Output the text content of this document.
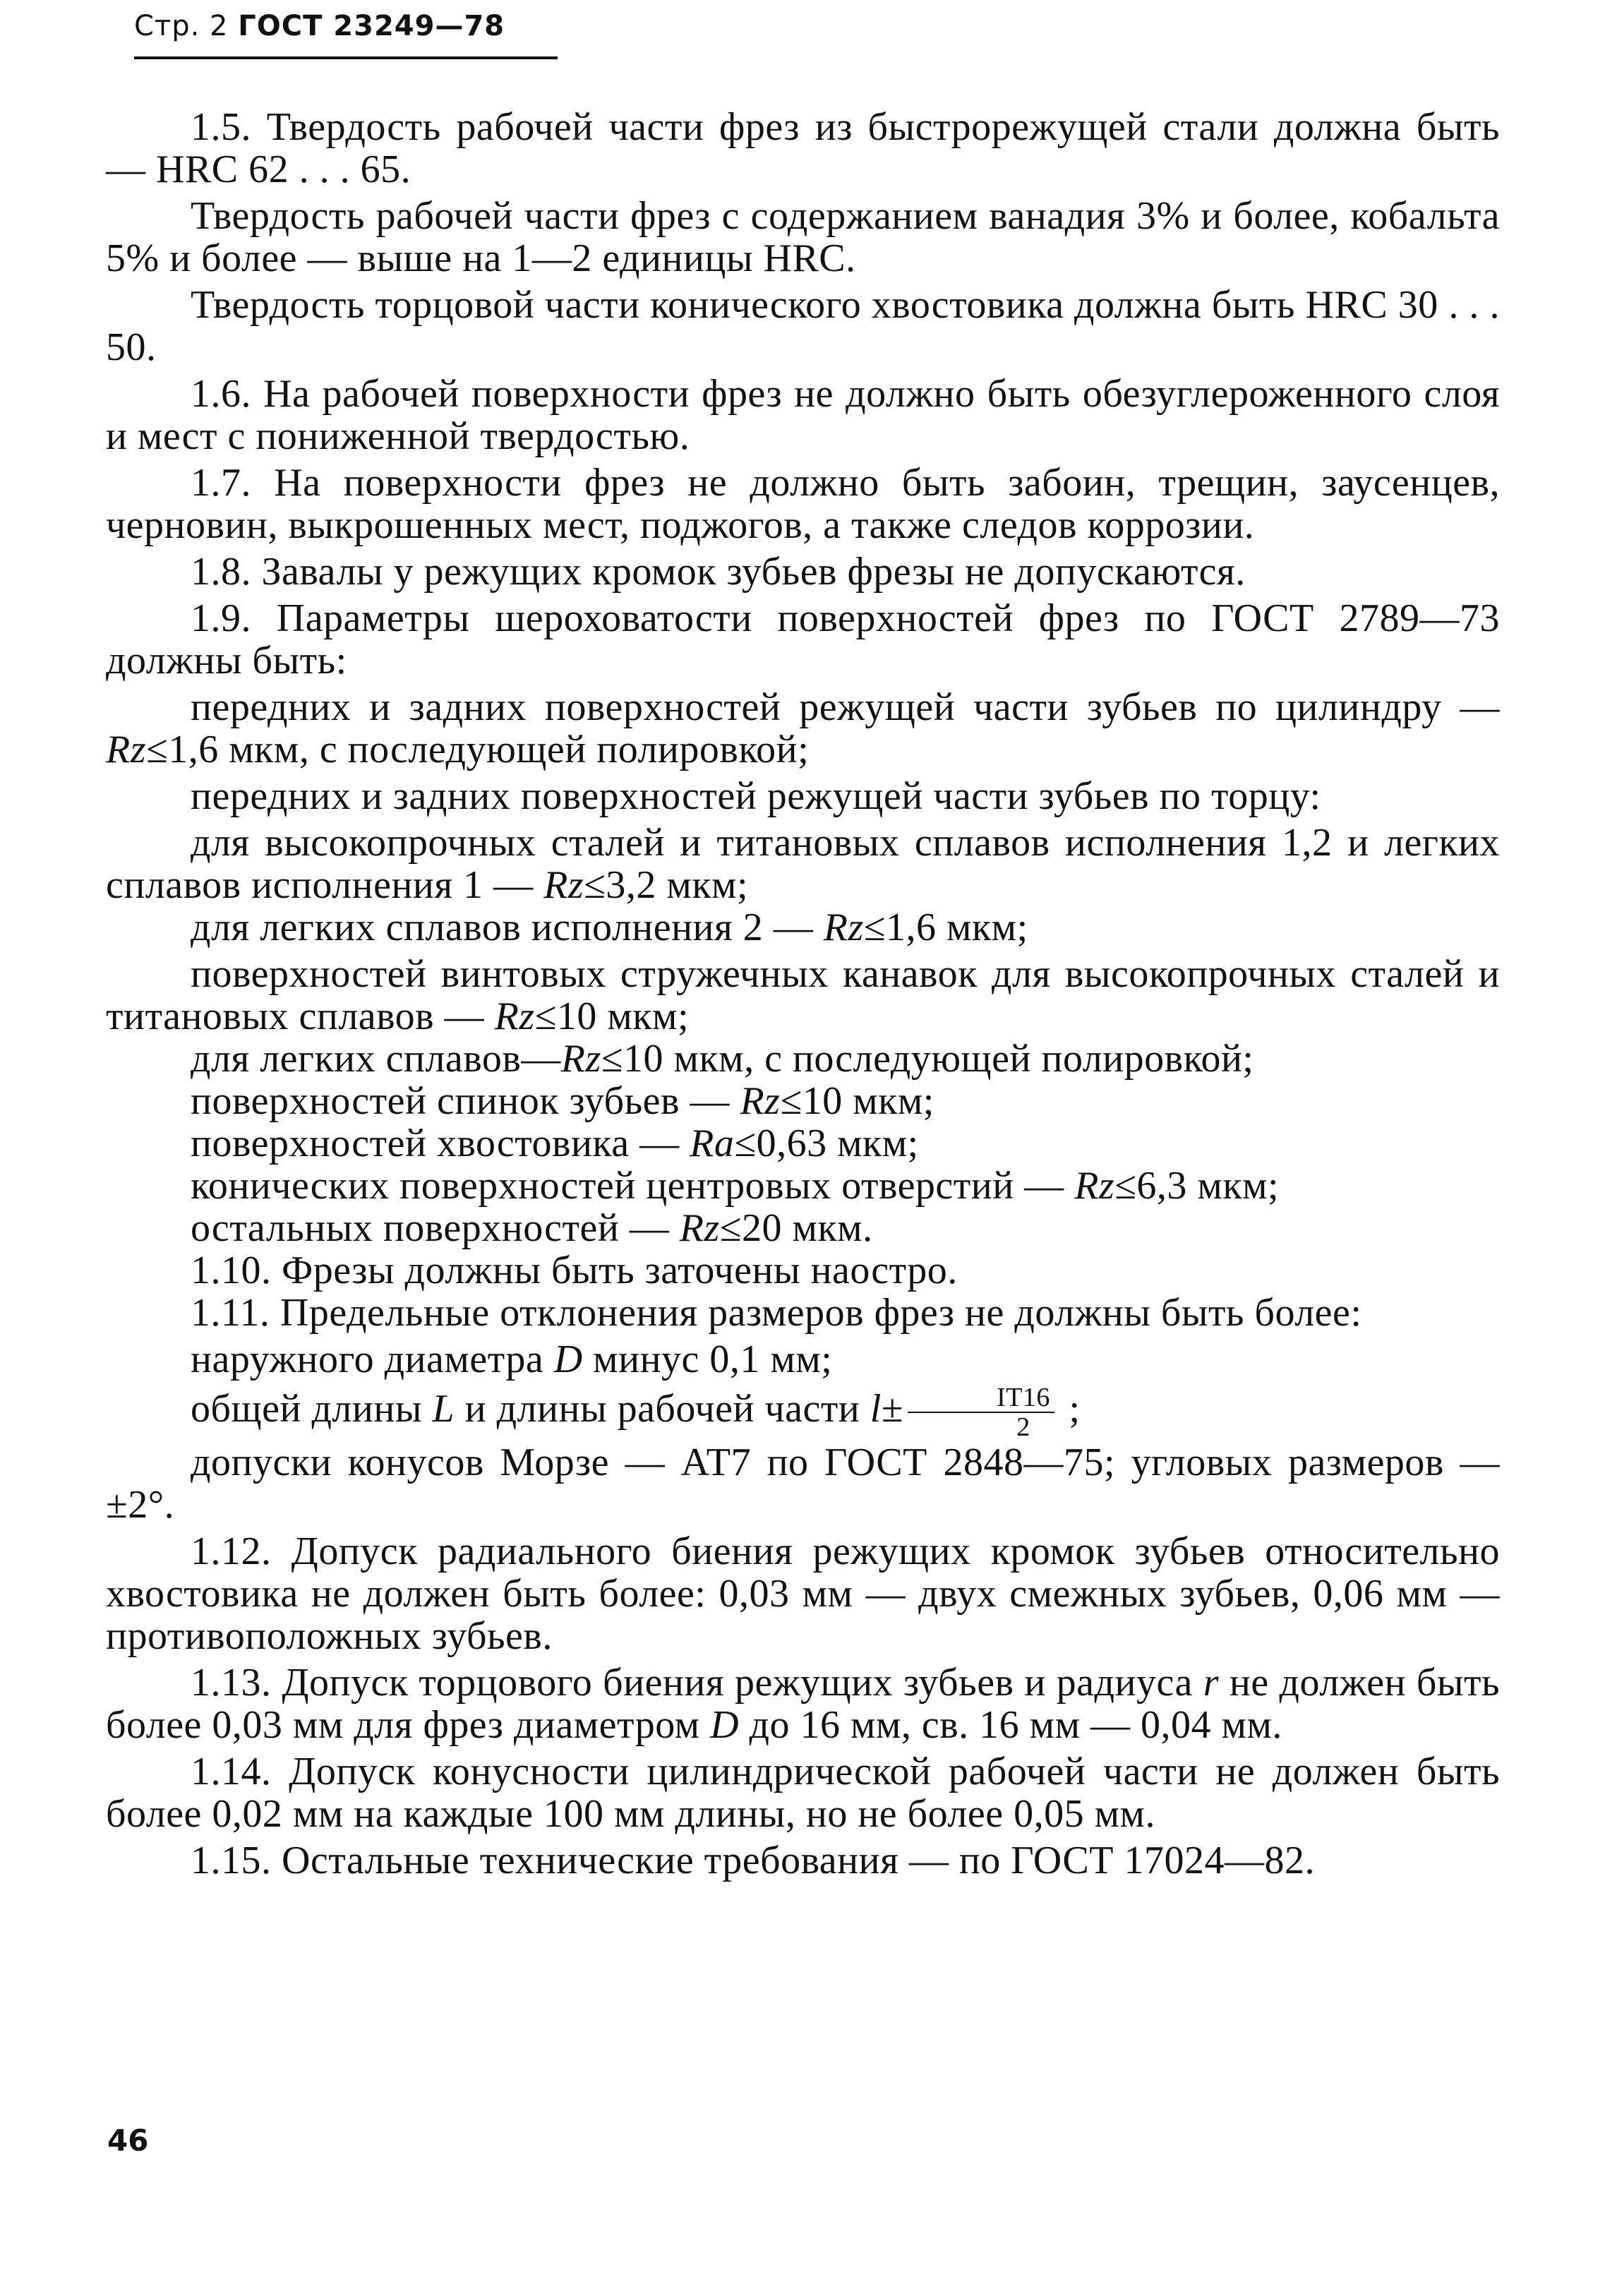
Стр. 2 ГОСТ 23249—78

1.5. Твердость рабочей части фрез из быстрорежущей стали должна быть — HRC 62 . . . 65.

Твердость рабочей части фрез с содержанием ванадия 3% и более, кобальта 5% и более — выше на 1—2 единицы HRC.

Твердость торцовой части конического хвостовика должна быть HRC 30 . . . 50.

1.6. На рабочей поверхности фрез не должно быть обезуглероженного слоя и мест с пониженной твердостью.

1.7. На поверхности фрез не должно быть забоин, трещин, заусенцев, черновин, выкрошенных мест, поджогов, а также следов коррозии.

1.8. Завалы у режущих кромок зубьев фрезы не допускаются.

1.9. Параметры шероховатости поверхностей фрез по ГОСТ 2789—73 должны быть:

передних и задних поверхностей режущей части зубьев по цилиндру — Rz≤1,6 мкм, с последующей полировкой;

передних и задних поверхностей режущей части зубьев по торцу:

для высокопрочных сталей и титановых сплавов исполнения 1,2 и легких сплавов исполнения 1 — Rz≤3,2 мкм;

для легких сплавов исполнения 2 — Rz≤1,6 мкм;

поверхностей винтовых стружечных канавок для высокопрочных сталей и титановых сплавов — Rz≤10 мкм;

для легких сплавов—Rz≤10 мкм, с последующей полировкой;

поверхностей спинок зубьев — Rz≤10 мкм;

поверхностей хвостовика — Ra≤0,63 мкм;

конических поверхностей центровых отверстий — Rz≤6,3 мкм;

остальных поверхностей — Rz≤20 мкм.

1.10. Фрезы должны быть заточены наостро.

1.11. Предельные отклонения размеров фрез не должны быть более:

наружного диаметра D минус 0,1 мм;

общей длины L и длины рабочей части $l\pm \frac{IT16}{2}$ ;

допуски конусов Морзе — АТ7 по ГОСТ 2848—75; угловых размеров — ±2°.

1.12. Допуск радиального биения режущих кромок зубьев относительно хвостовика не должен быть более: 0,03 мм — двух смежных зубьев, 0,06 мм — противоположных зубьев.

1.13. Допуск торцового биения режущих зубьев и радиуса r не должен быть более 0,03 мм для фрез диаметром D до 16 мм, св. 16 мм — 0,04 мм.

1.14. Допуск конусности цилиндрической рабочей части не должен быть более 0,02 мм на каждые 100 мм длины, но не более 0,05 мм.

1.15. Остальные технические требования — по ГОСТ 17024—82.

46
